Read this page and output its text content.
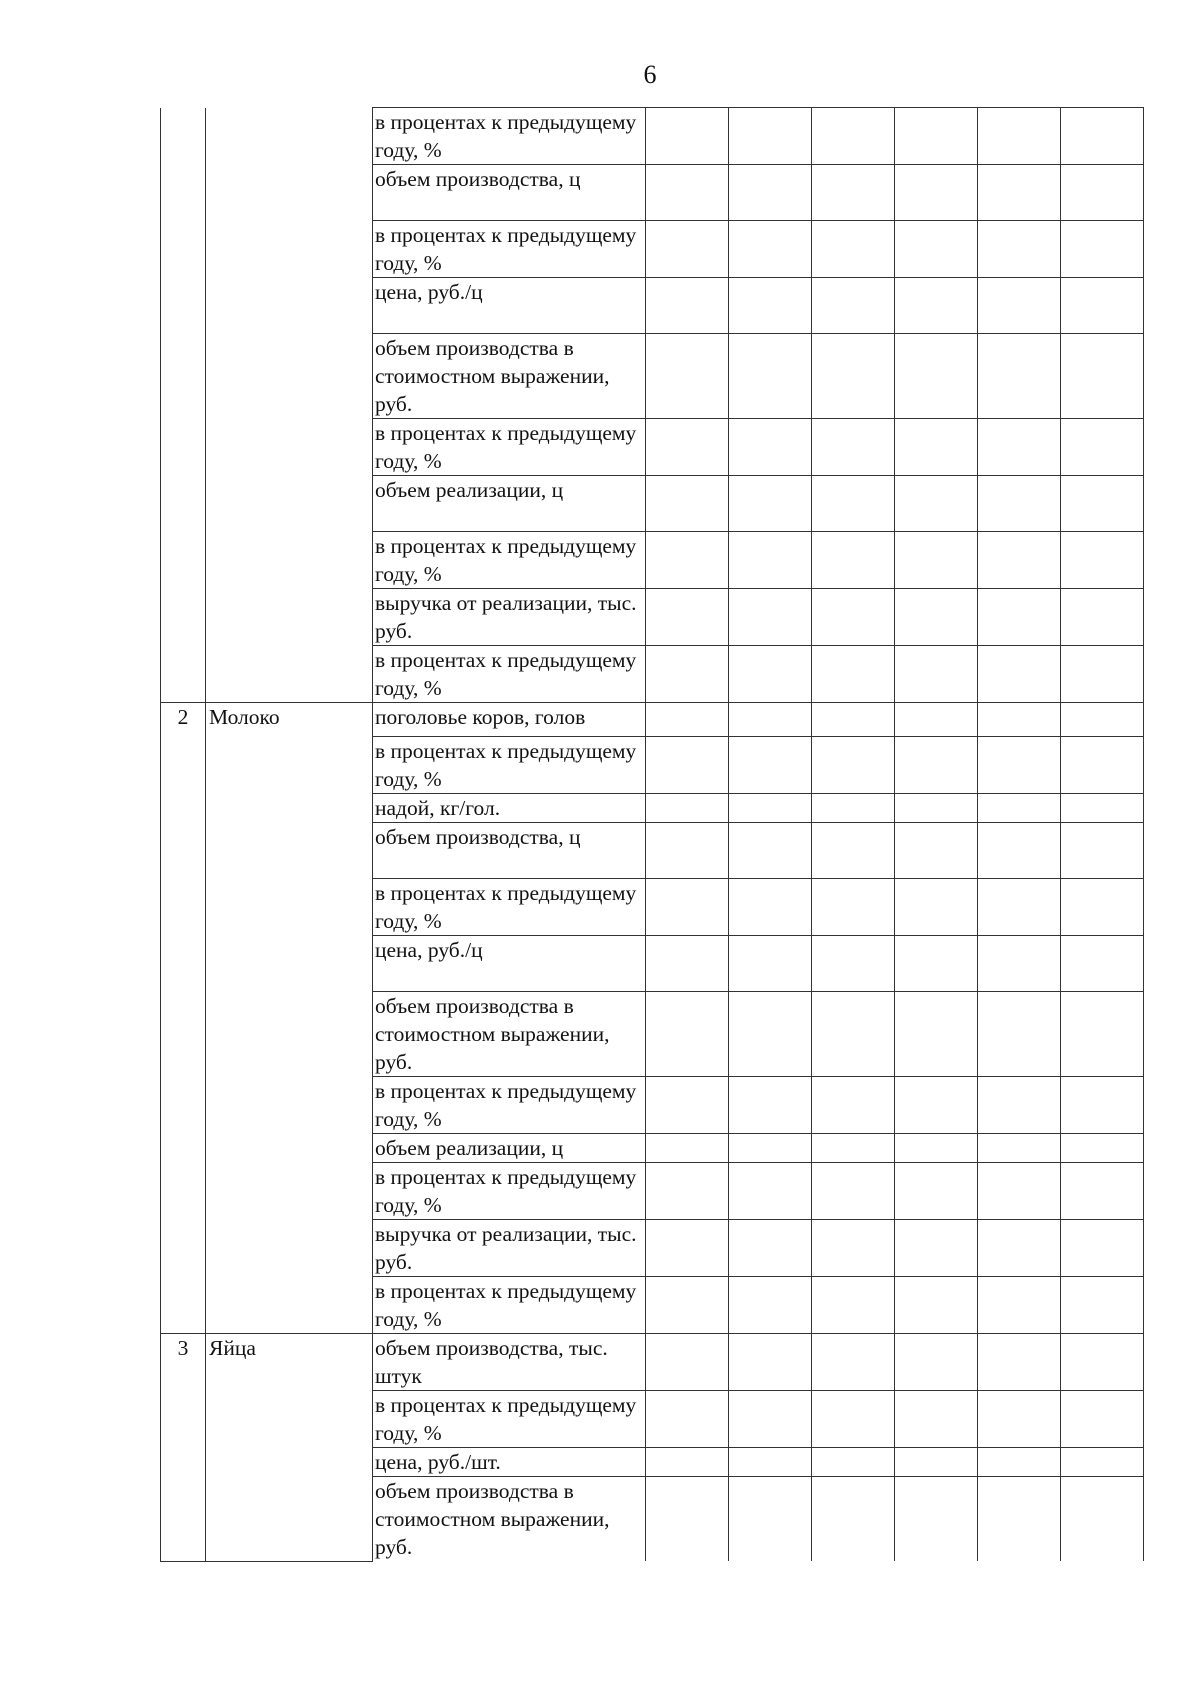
6
		в процентах к предыдущему году, %						
		объем производства, ц						
		в процентах к предыдущему году, %						
		цена, руб./ц						
		объем производства в стоимостном выражении, руб.						
		в процентах к предыдущему году, %						
		объем реализации, ц						
		в процентах к предыдущему году, %						
		выручка от реализации, тыс. руб.						
		в процентах к предыдущему году, %						
2	Молоко	поголовье коров, голов						
		в процентах к предыдущему году, %						
		надой, кг/гол.						
		объем производства, ц						
		в процентах к предыдущему году, %						
		цена, руб./ц						
		объем производства в стоимостном выражении, руб.						
		в процентах к предыдущему году, %						
		объем реализации, ц						
		в процентах к предыдущему году, %						
		выручка от реализации, тыс. руб.						
		в процентах к предыдущему году, %						
3	Яйца	объем производства, тыс. штук						
		в процентах к предыдущему году, %						
		цена, руб./шт.						
		объем производства в стоимостном выражении, руб.						
